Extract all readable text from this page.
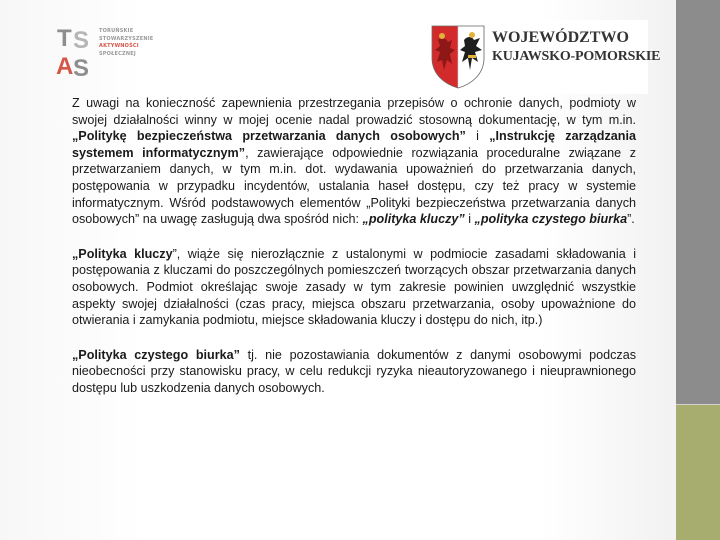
T S
A S
TORUŃSKIE
STOWARZYSZENIE
AKTYWNOŚCI
SPOŁECZNEJ
WOJEWÓDZTWO
KUJAWSKO-POMORSKIE

Z uwagi na konieczność zapewnienia przestrzegania przepisów o ochronie danych, podmioty w swojej działalności winny w mojej ocenie nadal prowadzić stosowną dokumentację, w tym m.in. „Politykę bezpieczeństwa przetwarzania danych osobowych” i „Instrukcję zarządzania systemem informatycznym”, zawierające odpowiednie rozwiązania proceduralne związane z przetwarzaniem danych, w tym m.in. dot. wydawania upoważnień do przetwarzania danych, postępowania w przypadku incydentów, ustalania haseł dostępu, czy też pracy w systemie informatycznym. Wśród podstawowych elementów „Polityki bezpieczeństwa przetwarzania danych osobowych” na uwagę zasługują dwa spośród nich: „polityka kluczy” i „polityka czystego biurka”.

„Polityka kluczy”, wiąże się nierozłącznie z ustalonymi w podmiocie zasadami składowania i postępowania z kluczami do poszczególnych pomieszczeń tworzących obszar przetwarzania danych osobowych. Podmiot określając swoje zasady w tym zakresie powinien uwzględnić wszystkie aspekty swojej działalności (czas pracy, miejsca obszaru przetwarzania, osoby upoważnione do otwierania i zamykania podmiotu, miejsce składowania kluczy i dostępu do nich, itp.)

„Polityka czystego biurka” tj. nie pozostawiania dokumentów z danymi osobowymi podczas nieobecności przy stanowisku pracy, w celu redukcji ryzyka nieautoryzowanego i nieuprawnionego dostępu lub uszkodzenia danych osobowych.
